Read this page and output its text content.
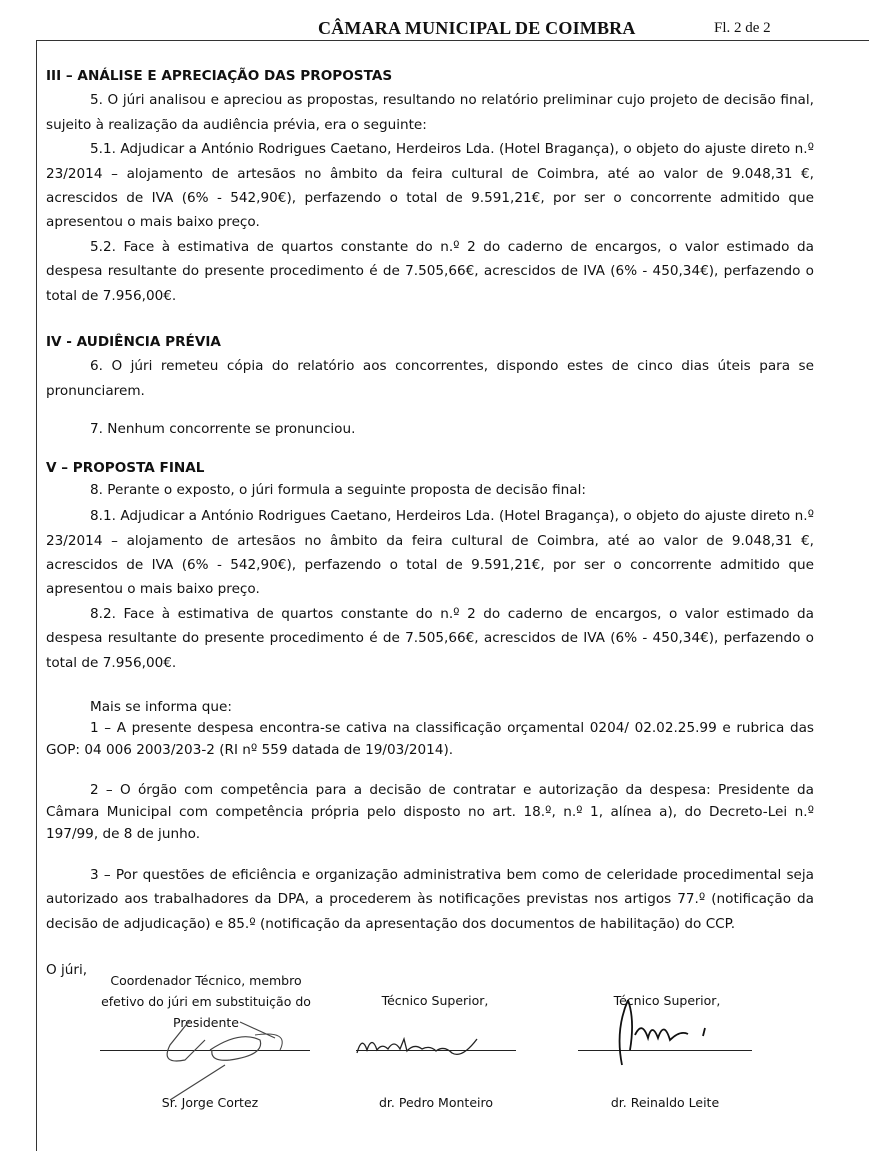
CÂMARA MUNICIPAL DE COIMBRA	Fl. 2 de 2

III – ANÁLISE E APRECIAÇÃO DAS PROPOSTAS

5. O júri analisou e apreciou as propostas, resultando no relatório preliminar cujo projeto de decisão final, sujeito à realização da audiência prévia, era o seguinte:

5.1. Adjudicar a António Rodrigues Caetano, Herdeiros Lda. (Hotel Bragança), o objeto do ajuste direto n.º 23/2014 – alojamento de artesãos no âmbito da feira cultural de Coimbra, até ao valor de 9.048,31 €, acrescidos de IVA (6% - 542,90€), perfazendo o total de 9.591,21€, por ser o concorrente admitido que apresentou o mais baixo preço.

5.2. Face à estimativa de quartos constante do n.º 2 do caderno de encargos, o valor estimado da despesa resultante do presente procedimento é de 7.505,66€, acrescidos de IVA (6% - 450,34€), perfazendo o total de 7.956,00€.

IV - AUDIÊNCIA PRÉVIA

6. O júri remeteu cópia do relatório aos concorrentes, dispondo estes de cinco dias úteis para se pronunciarem.

7. Nenhum concorrente se pronunciou.

V – PROPOSTA FINAL

8. Perante o exposto, o júri formula a seguinte proposta de decisão final:

8.1. Adjudicar a António Rodrigues Caetano, Herdeiros Lda. (Hotel Bragança), o objeto do ajuste direto n.º 23/2014 – alojamento de artesãos no âmbito da feira cultural de Coimbra, até ao valor de 9.048,31 €, acrescidos de IVA (6% - 542,90€), perfazendo o total de 9.591,21€, por ser o concorrente admitido que apresentou o mais baixo preço.

8.2. Face à estimativa de quartos constante do n.º 2 do caderno de encargos, o valor estimado da despesa resultante do presente procedimento é de 7.505,66€, acrescidos de IVA (6% - 450,34€), perfazendo o total de 7.956,00€.

Mais se informa que:

1 – A presente despesa encontra-se cativa na classificação orçamental 0204/ 02.02.25.99 e rubrica das GOP: 04 006 2003/203-2 (RI nº 559 datada de 19/03/2014).

2 – O órgão com competência para a decisão de contratar e autorização da despesa: Presidente da Câmara Municipal com competência própria pelo disposto no art. 18.º, n.º 1, alínea a), do Decreto-Lei n.º 197/99, de 8 de junho.

3 – Por questões de eficiência e organização administrativa bem como de celeridade procedimental seja autorizado aos trabalhadores da DPA, a procederem às notificações previstas nos artigos 77.º (notificação da decisão de adjudicação) e 85.º (notificação da apresentação dos documentos de habilitação) do CCP.

O júri,

Coordenador Técnico, membro
efetivo do júri em substituição do
Presidente
Sr. Jorge Cortez
Técnico Superior,
dr. Pedro Monteiro
Técnico Superior,
dr. Reinaldo Leite
